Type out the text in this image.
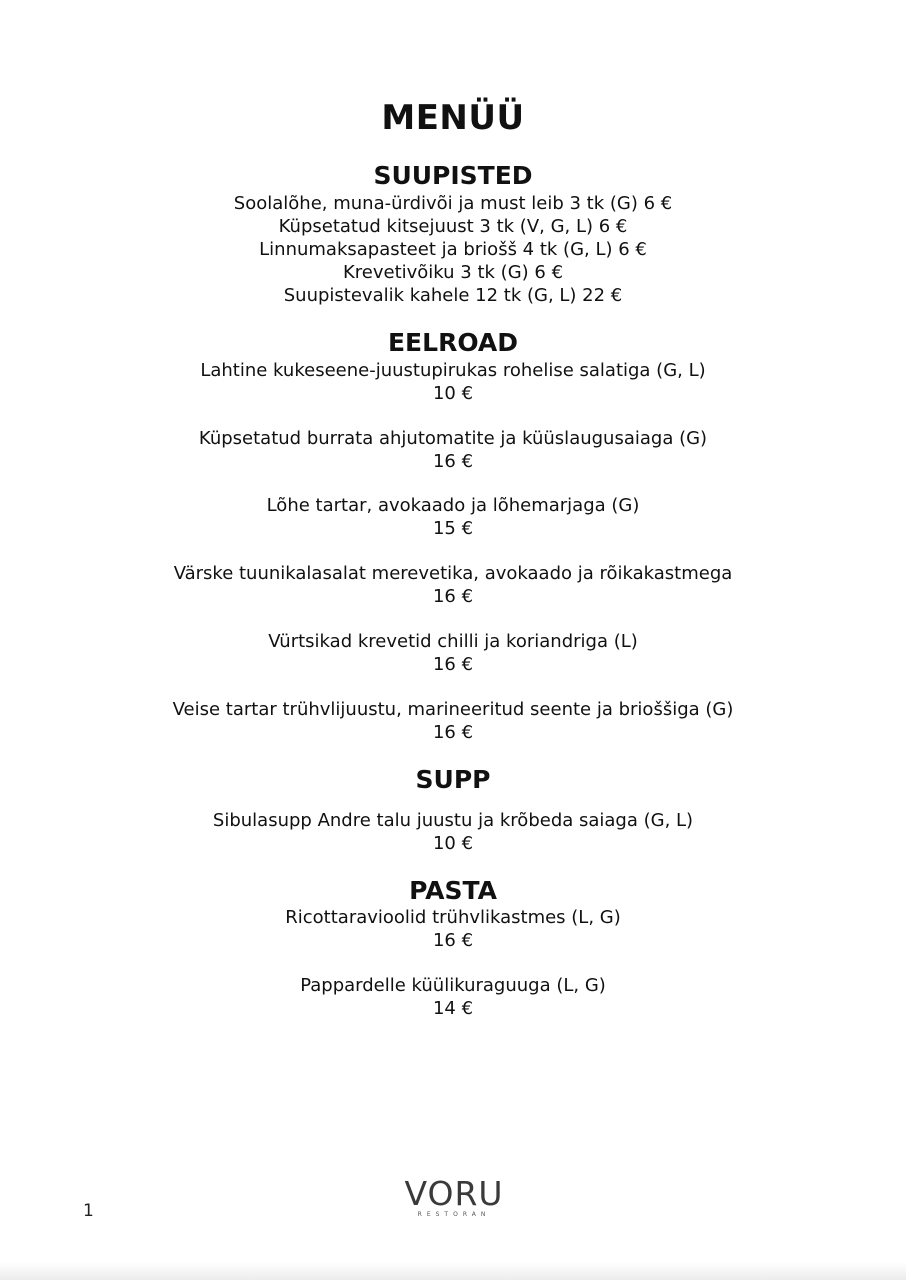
MENÜÜ
SUUPISTED

Soolalõhe, muna-ürdivõi ja must leib 3 tk (G) 6 €

Küpsetatud kitsejuust 3 tk (V, G, L) 6 €

Linnumaksapasteet ja briošš 4 tk (G, L) 6 €

Krevetivõiku 3 tk (G) 6 €

Suupistevalik kahele 12 tk (G, L) 22 €

EELROAD

Lahtine kukeseene-juustupirukas rohelise salatiga (G, L)

10 €

Küpsetatud burrata ahjutomatite ja küüslaugusaiaga (G)

16 €

Lõhe tartar, avokaado ja lõhemarjaga (G)

15 €

Värske tuunikalasalat merevetika, avokaado ja rõikakastmega

16 €

Vürtsikad krevetid chilli ja koriandriga (L)

16 €

Veise tartar trühvlijuustu, marineeritud seente ja brioššiga (G)

16 €

SUPP

Sibulasupp Andre talu juustu ja krõbeda saiaga (G, L)

10 €

PASTA

Ricottaravioolid trühvlikastmes (L, G)

16 €

Pappardelle küülikuraguuga (L, G)

14 €

VORU
RESTORAN
1
